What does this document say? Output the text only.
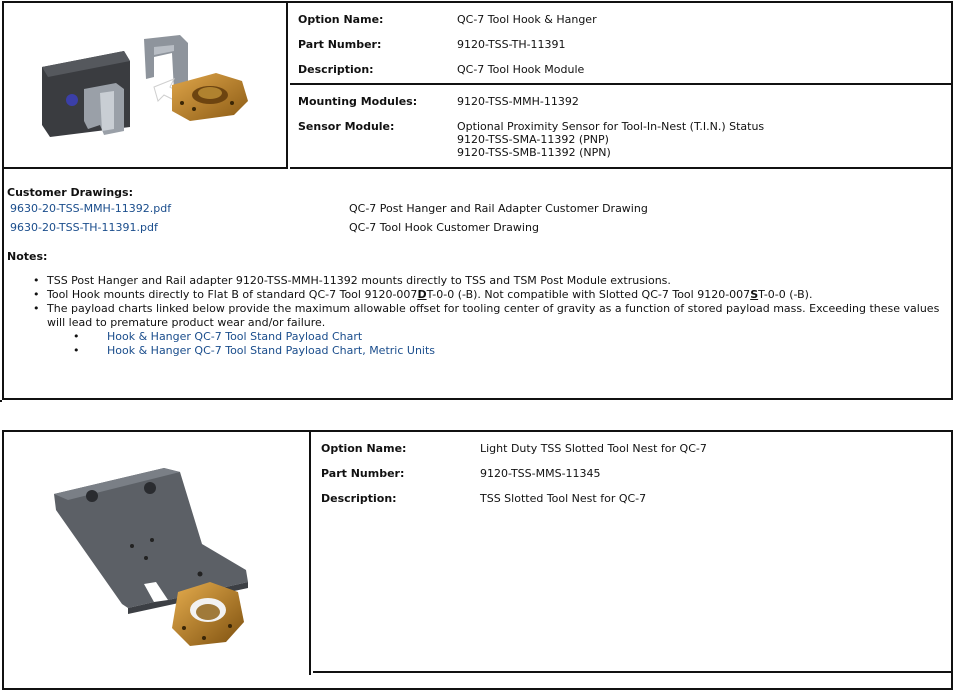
Option Name:	QC-7 Tool Hook & Hanger
Part Number:	9120-TSS-TH-11391
Description:	QC-7 Tool Hook Module
Mounting Modules:	9120-TSS-MMH-11392
Sensor Module:	Optional Proximity Sensor for Tool-In-Nest (T.I.N.) Status
9120-TSS-SMA-11392 (PNP)
9120-TSS-SMB-11392 (NPN)
Customer Drawings:
9630-20-TSS-MMH-11392.pdf	QC-7 Post Hanger and Rail Adapter Customer Drawing
9630-20-TSS-TH-11391.pdf	QC-7 Tool Hook Customer Drawing
Notes:
• TSS Post Hanger and Rail adapter 9120-TSS-MMH-11392 mounts directly to TSS and TSM Post Module extrusions.
• Tool Hook mounts directly to Flat B of standard QC-7 Tool 9120-007DT-0-0 (-B). Not compatible with Slotted QC-7 Tool 9120-007ST-0-0 (-B).
• The payload charts linked below provide the maximum allowable offset for tooling center of gravity as a function of stored payload mass. Exceeding these values will lead to premature product wear and/or failure.
•	Hook & Hanger QC-7 Tool Stand Payload Chart
•	Hook & Hanger QC-7 Tool Stand Payload Chart, Metric Units
Option Name:	Light Duty TSS Slotted Tool Nest for QC-7
Part Number:	9120-TSS-MMS-11345
Description:	TSS Slotted Tool Nest for QC-7
